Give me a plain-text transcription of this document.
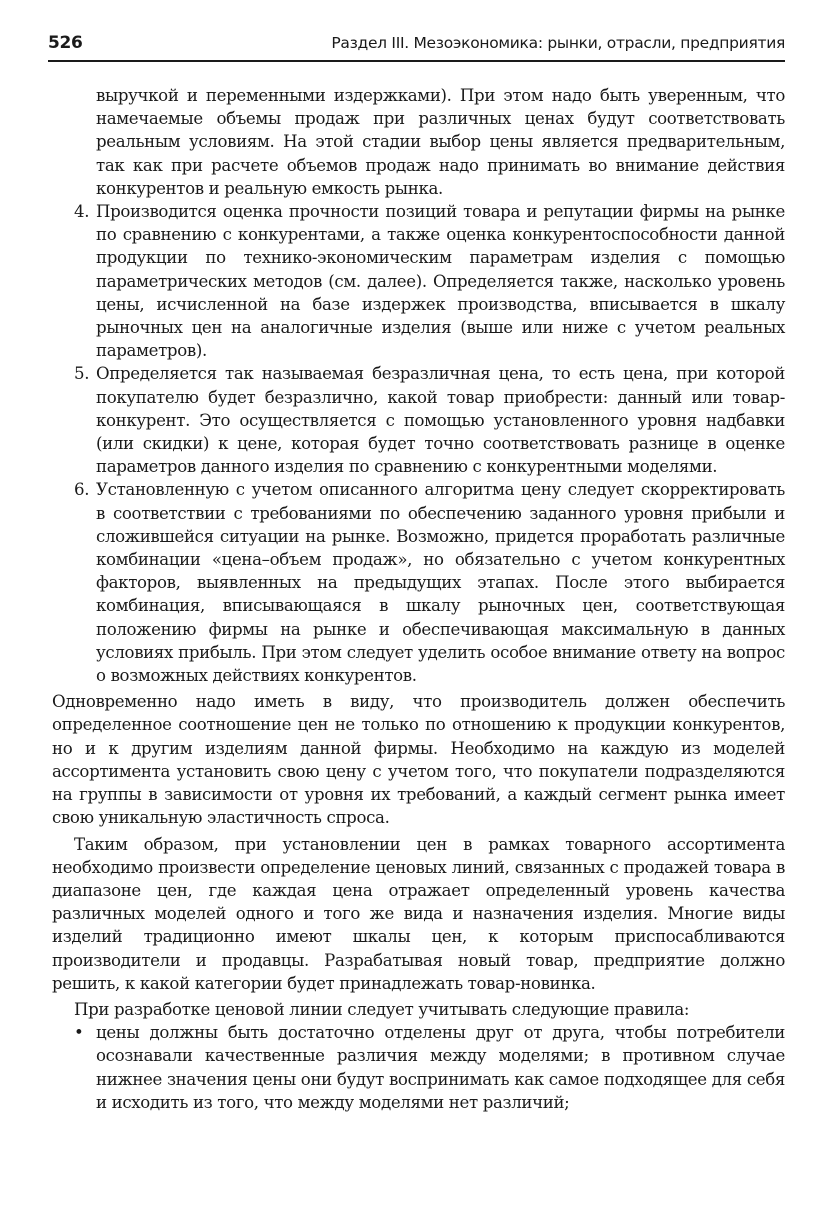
526	Раздел III. Мезоэкономика: рынки, отрасли, предприятия

выручкой и переменными издержками). При этом надо быть уверенным, что намечаемые объемы продаж при различных ценах будут соответствовать реальным условиям. На этой стадии выбор цены является предварительным, так как при расчете объемов продаж надо принимать во внимание действия конкурентов и реальную емкость рынка.

4. Производится оценка прочности позиций товара и репутации фирмы на рынке по сравнению с конкурентами, а также оценка конкурентоспособности данной продукции по технико-экономическим параметрам изделия с помощью параметрических методов (см. далее). Определяется также, насколько уровень цены, исчисленной на базе издержек производства, вписывается в шкалу рыночных цен на аналогичные изделия (выше или ниже с учетом реальных параметров).

5. Определяется так называемая безразличная цена, то есть цена, при которой покупателю будет безразлично, какой товар приобрести: данный или товар-конкурент. Это осуществляется с помощью установленного уровня надбавки (или скидки) к цене, которая будет точно соответствовать разнице в оценке параметров данного изделия по сравнению с конкурентными моделями.

6. Установленную с учетом описанного алгоритма цену следует скорректировать в соответствии с требованиями по обеспечению заданного уровня прибыли и сложившейся ситуации на рынке. Возможно, придется проработать различные комбинации «цена–объем продаж», но обязательно с учетом конкурентных факторов, выявленных на предыдущих этапах. После этого выбирается комбинация, вписывающаяся в шкалу рыночных цен, соответствующая положению фирмы на рынке и обеспечивающая максимальную в данных условиях прибыль. При этом следует уделить особое внимание ответу на вопрос о возможных действиях конкурентов.

Одновременно надо иметь в виду, что производитель должен обеспечить определенное соотношение цен не только по отношению к продукции конкурентов, но и к другим изделиям данной фирмы. Необходимо на каждую из моделей ассортимента установить свою цену с учетом того, что покупатели подразделяются на группы в зависимости от уровня их требований, а каждый сегмент рынка имеет свою уникальную эластичность спроса.

Таким образом, при установлении цен в рамках товарного ассортимента необходимо произвести определение ценовых линий, связанных с продажей товара в диапазоне цен, где каждая цена отражает определенный уровень качества различных моделей одного и того же вида и назначения изделия. Многие виды изделий традиционно имеют шкалы цен, к которым приспосабливаются производители и продавцы. Разрабатывая новый товар, предприятие должно решить, к какой категории будет принадлежать товар-новинка.

При разработке ценовой линии следует учитывать следующие правила:

• цены должны быть достаточно отделены друг от друга, чтобы потребители осознавали качественные различия между моделями; в противном случае нижнее значения цены они будут воспринимать как самое подходящее для себя и исходить из того, что между моделями нет различий;
